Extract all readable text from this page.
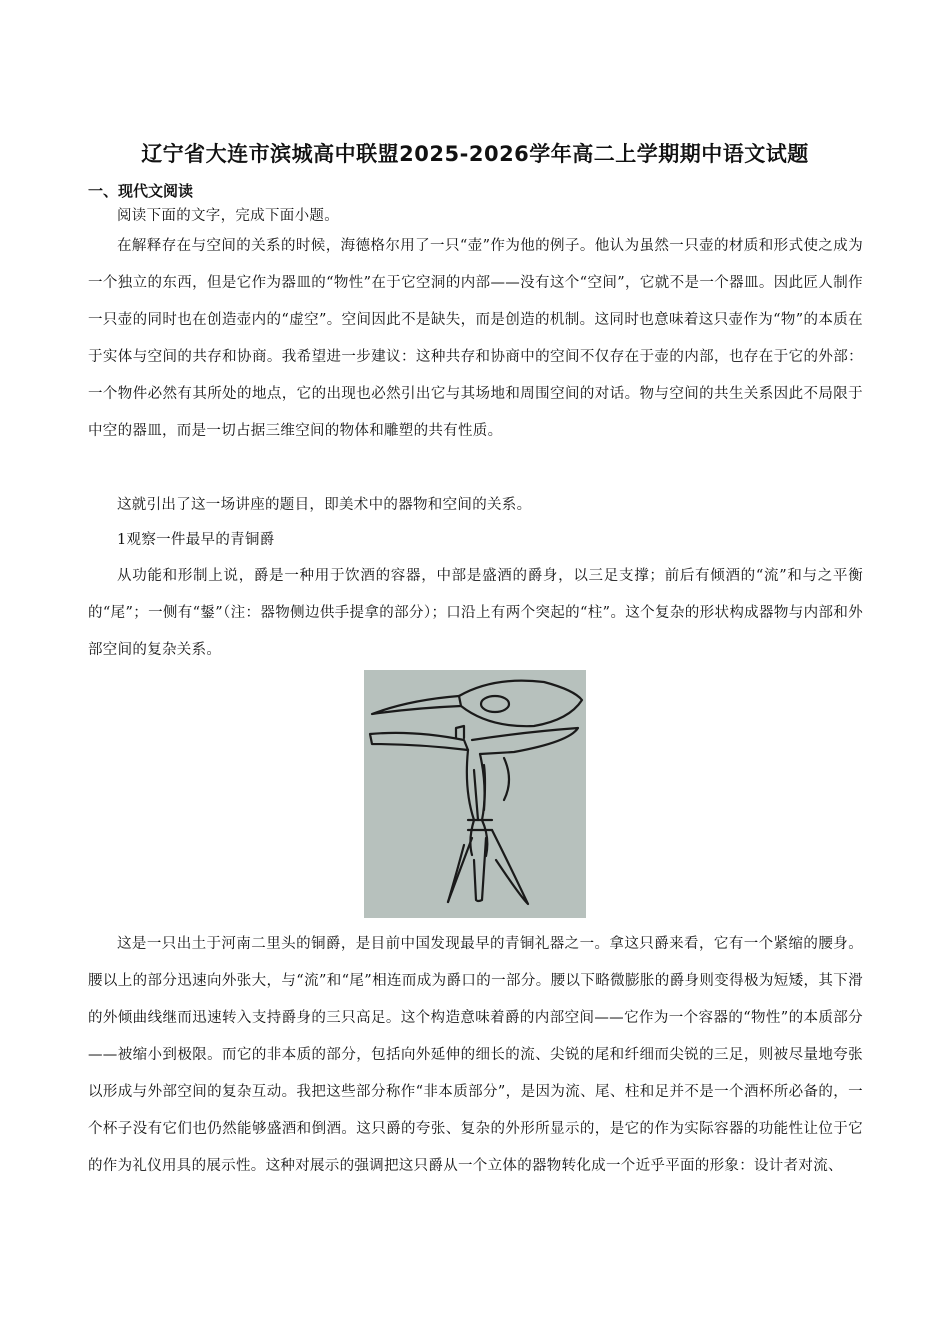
辽宁省大连市滨城高中联盟2025-2026学年高二上学期期中语文试题
一、现代文阅读

阅读下面的文字，完成下面小题。

在解释存在与空间的关系的时候，海德格尔用了一只“壶”作为他的例子。他认为虽然一只壶的材质和形式使之成为一个独立的东西，但是它作为器皿的“物性”在于它空洞的内部——没有这个“空间”，它就不是一个器皿。因此匠人制作一只壶的同时也在创造壶内的“虚空”。空间因此不是缺失，而是创造的机制。这同时也意味着这只壶作为“物”的本质在于实体与空间的共存和协商。我希望进一步建议：这种共存和协商中的空间不仅存在于壶的内部，也存在于它的外部：一个物件必然有其所处的地点，它的出现也必然引出它与其场地和周围空间的对话。物与空间的共生关系因此不局限于中空的器皿，而是一切占据三维空间的物体和雕塑的共有性质。

这就引出了这一场讲座的题目，即美术中的器物和空间的关系。

1观察一件最早的青铜爵

从功能和形制上说，爵是一种用于饮酒的容器，中部是盛酒的爵身，以三足支撑；前后有倾酒的“流”和与之平衡的“尾”；一侧有“鋬”（注：器物侧边供手提拿的部分）；口沿上有两个突起的“柱”。这个复杂的形状构成器物与内部和外部空间的复杂关系。

这是一只出土于河南二里头的铜爵，是目前中国发现最早的青铜礼器之一。拿这只爵来看，它有一个紧缩的腰身。腰以上的部分迅速向外张大，与“流”和“尾”相连而成为爵口的一部分。腰以下略微膨胀的爵身则变得极为短矮，其下滑的外倾曲线继而迅速转入支持爵身的三只高足。这个构造意味着爵的内部空间——它作为一个容器的“物性”的本质部分——被缩小到极限。而它的非本质的部分，包括向外延伸的细长的流、尖锐的尾和纤细而尖锐的三足，则被尽量地夸张以形成与外部空间的复杂互动。我把这些部分称作“非本质部分”，是因为流、尾、柱和足并不是一个酒杯所必备的，一个杯子没有它们也仍然能够盛酒和倒酒。这只爵的夸张、复杂的外形所显示的，是它的作为实际容器的功能性让位于它的作为礼仪用具的展示性。这种对展示的强调把这只爵从一个立体的器物转化成一个近乎平面的形象：设计者对流、
